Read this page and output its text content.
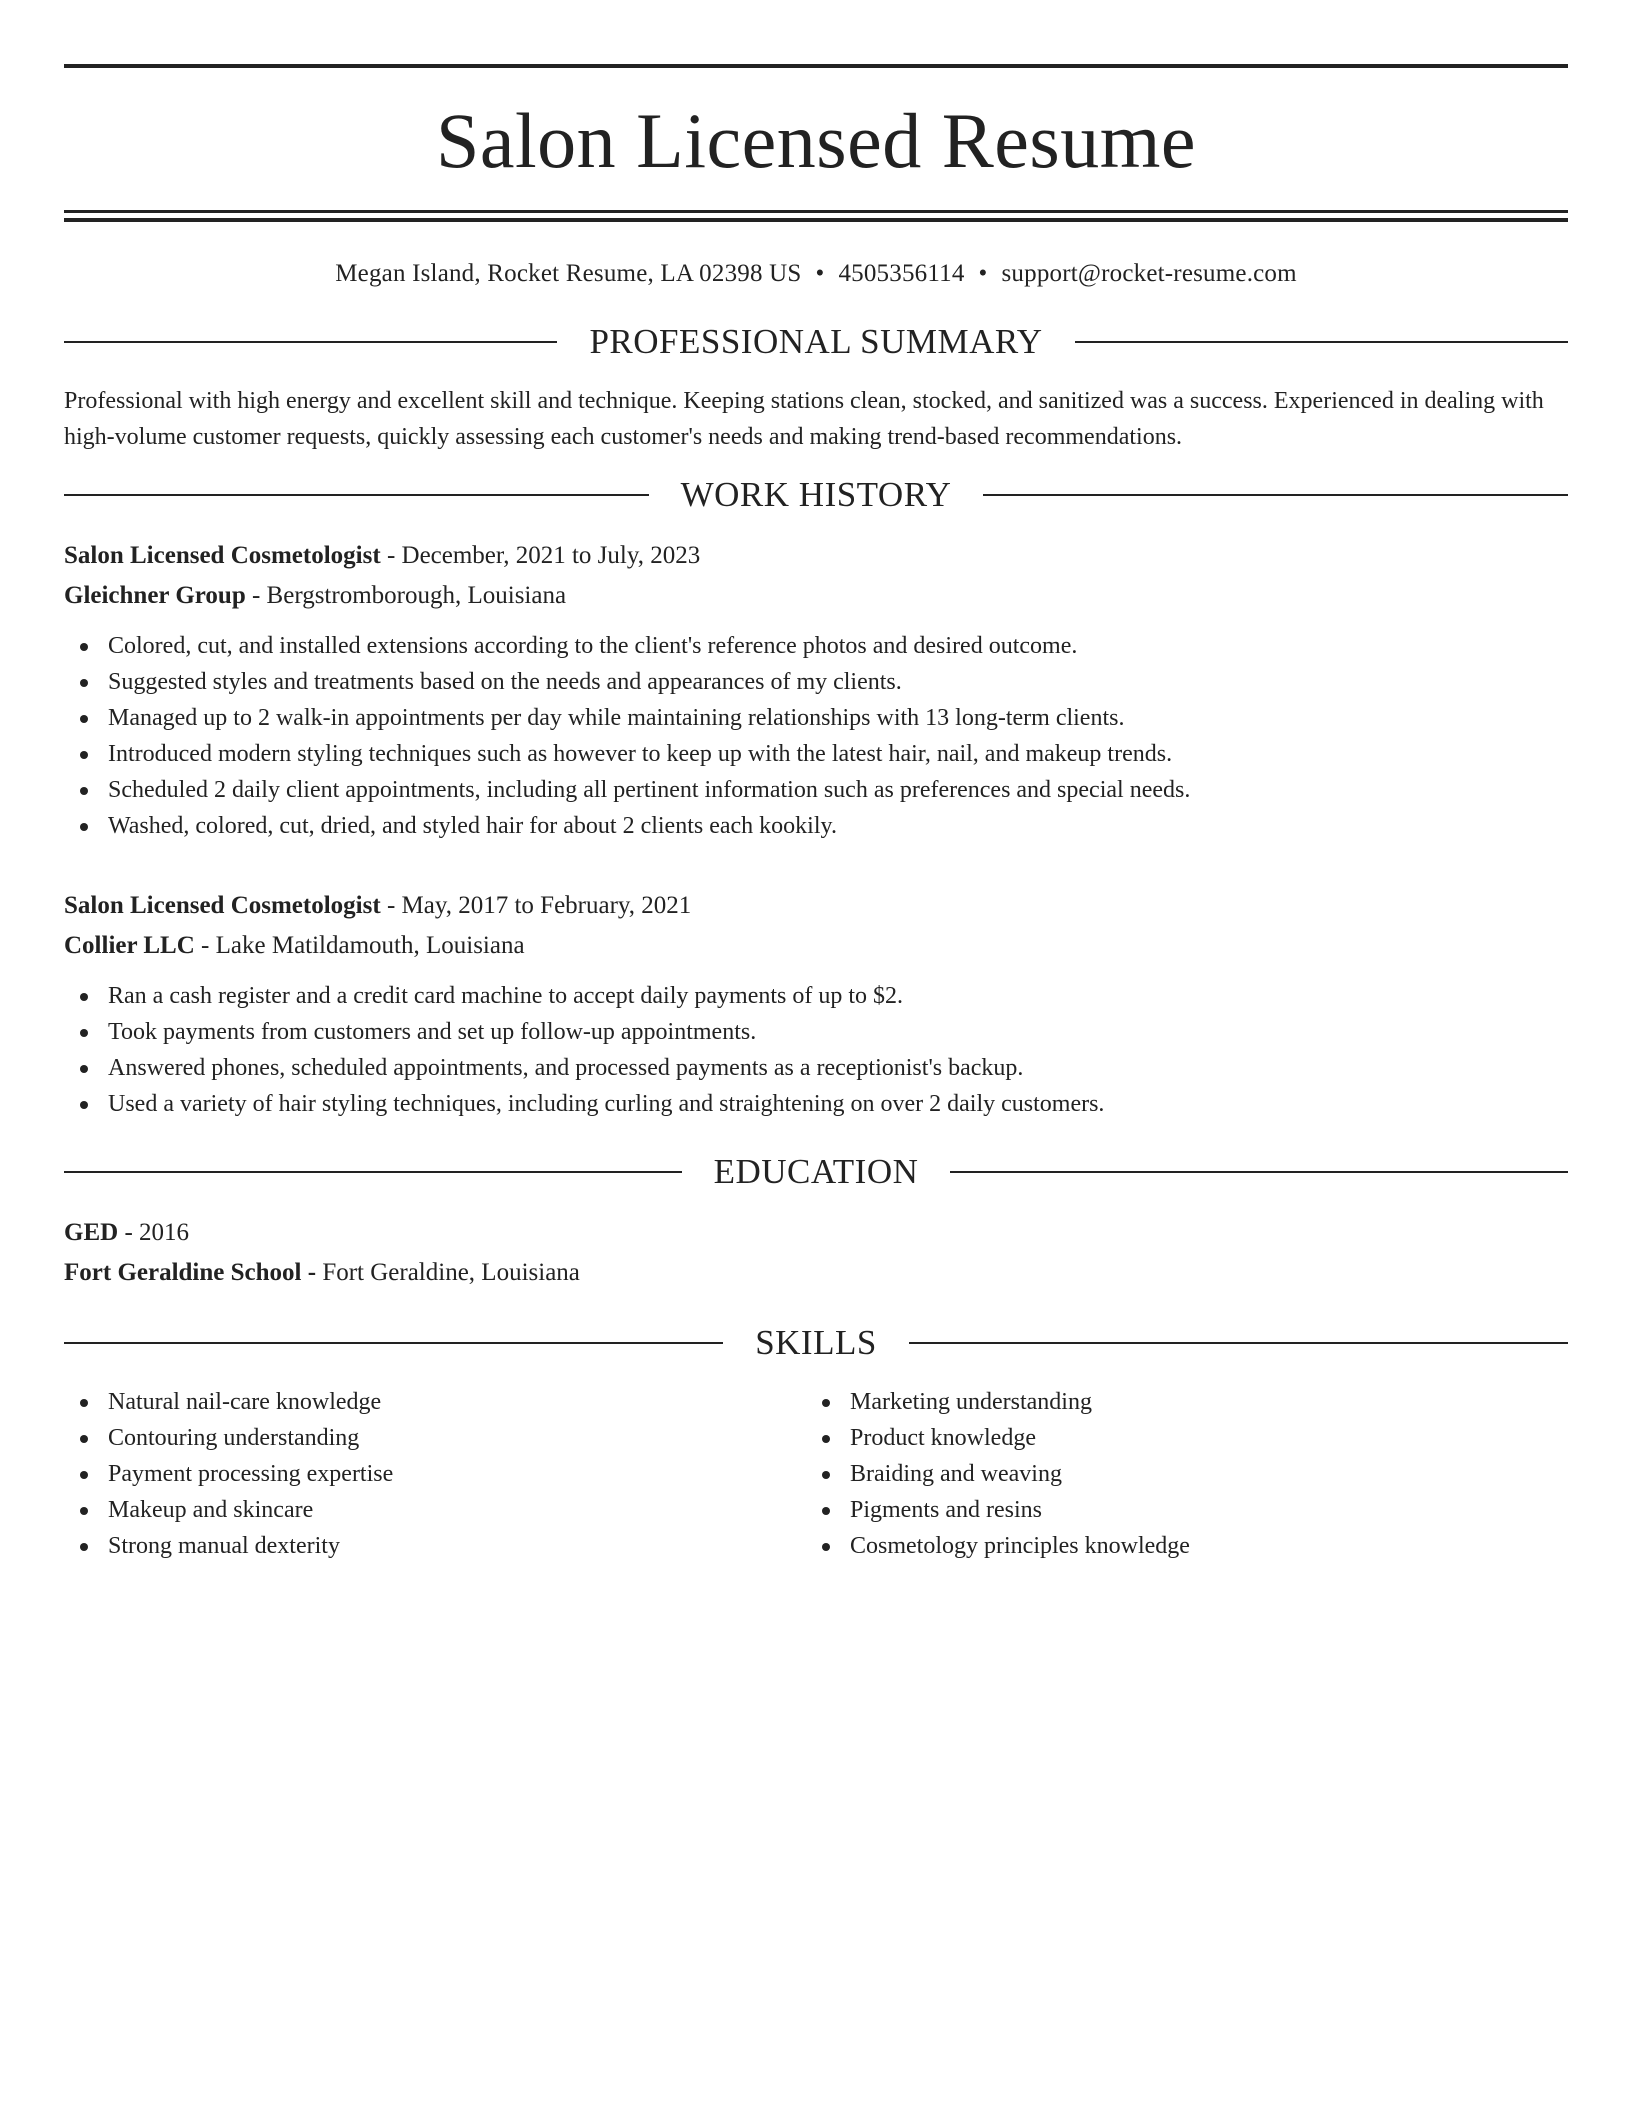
Salon Licensed Resume
Megan Island, Rocket Resume, LA 02398 US • 4505356114 • support@rocket-resume.com
PROFESSIONAL SUMMARY
Professional with high energy and excellent skill and technique. Keeping stations clean, stocked, and sanitized was a success. Experienced in dealing with high-volume customer requests, quickly assessing each customer's needs and making trend-based recommendations.
WORK HISTORY
Salon Licensed Cosmetologist - December, 2021 to July, 2023
Gleichner Group - Bergstromborough, Louisiana
Colored, cut, and installed extensions according to the client's reference photos and desired outcome.
Suggested styles and treatments based on the needs and appearances of my clients.
Managed up to 2 walk-in appointments per day while maintaining relationships with 13 long-term clients.
Introduced modern styling techniques such as however to keep up with the latest hair, nail, and makeup trends.
Scheduled 2 daily client appointments, including all pertinent information such as preferences and special needs.
Washed, colored, cut, dried, and styled hair for about 2 clients each kookily.
Salon Licensed Cosmetologist - May, 2017 to February, 2021
Collier LLC - Lake Matildamouth, Louisiana
Ran a cash register and a credit card machine to accept daily payments of up to $2.
Took payments from customers and set up follow-up appointments.
Answered phones, scheduled appointments, and processed payments as a receptionist's backup.
Used a variety of hair styling techniques, including curling and straightening on over 2 daily customers.
EDUCATION
GED - 2016
Fort Geraldine School - Fort Geraldine, Louisiana
SKILLS
Natural nail-care knowledge
Contouring understanding
Payment processing expertise
Makeup and skincare
Strong manual dexterity
Marketing understanding
Product knowledge
Braiding and weaving
Pigments and resins
Cosmetology principles knowledge
